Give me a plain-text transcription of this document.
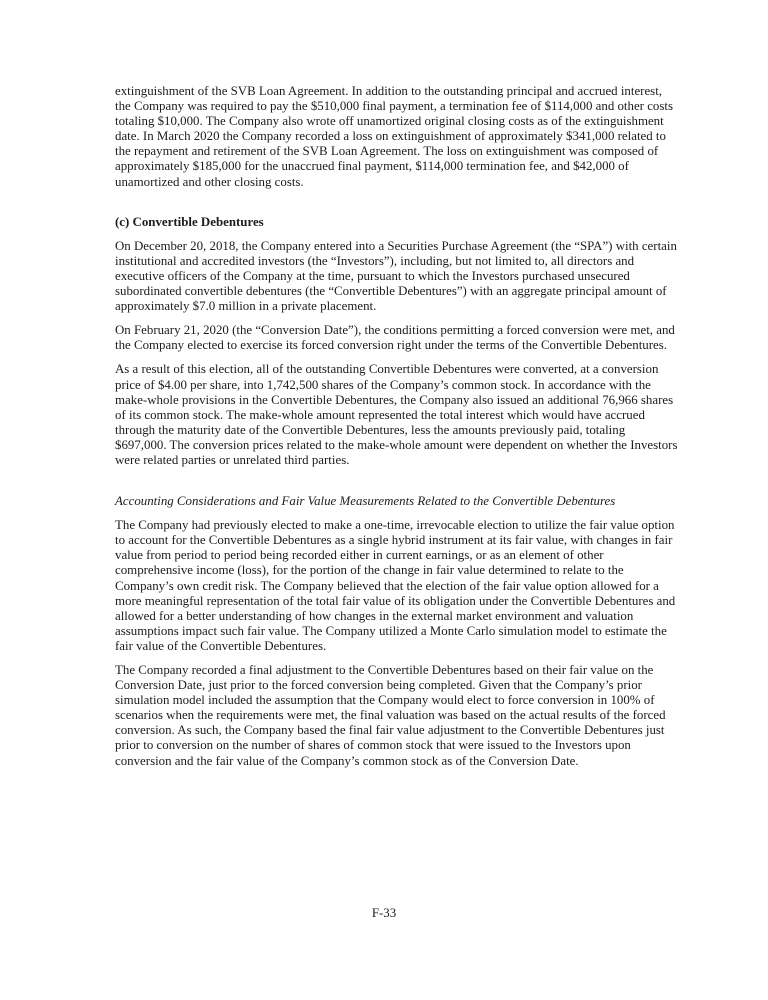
extinguishment of the SVB Loan Agreement. In addition to the outstanding principal and accrued interest, the Company was required to pay the $510,000 final payment, a termination fee of $114,000 and other costs totaling $10,000. The Company also wrote off unamortized original closing costs as of the extinguishment date. In March 2020 the Company recorded a loss on extinguishment of approximately $341,000 related to the repayment and retirement of the SVB Loan Agreement. The loss on extinguishment was composed of approximately $185,000 for the unaccrued final payment, $114,000 termination fee, and $42,000 of unamortized and other closing costs.

(c) Convertible Debentures

On December 20, 2018, the Company entered into a Securities Purchase Agreement (the “SPA”) with certain institutional and accredited investors (the “Investors”), including, but not limited to, all directors and executive officers of the Company at the time, pursuant to which the Investors purchased unsecured subordinated convertible debentures (the “Convertible Debentures”) with an aggregate principal amount of approximately $7.0 million in a private placement.

On February 21, 2020 (the “Conversion Date”), the conditions permitting a forced conversion were met, and the Company elected to exercise its forced conversion right under the terms of the Convertible Debentures.

As a result of this election, all of the outstanding Convertible Debentures were converted, at a conversion price of $4.00 per share, into 1,742,500 shares of the Company’s common stock. In accordance with the make-whole provisions in the Convertible Debentures, the Company also issued an additional 76,966 shares of its common stock. The make-whole amount represented the total interest which would have accrued through the maturity date of the Convertible Debentures, less the amounts previously paid, totaling $697,000. The conversion prices related to the make-whole amount were dependent on whether the Investors were related parties or unrelated third parties.

Accounting Considerations and Fair Value Measurements Related to the Convertible Debentures

The Company had previously elected to make a one-time, irrevocable election to utilize the fair value option to account for the Convertible Debentures as a single hybrid instrument at its fair value, with changes in fair value from period to period being recorded either in current earnings, or as an element of other comprehensive income (loss), for the portion of the change in fair value determined to relate to the Company’s own credit risk. The Company believed that the election of the fair value option allowed for a more meaningful representation of the total fair value of its obligation under the Convertible Debentures and allowed for a better understanding of how changes in the external market environment and valuation assumptions impact such fair value. The Company utilized a Monte Carlo simulation model to estimate the fair value of the Convertible Debentures.

The Company recorded a final adjustment to the Convertible Debentures based on their fair value on the Conversion Date, just prior to the forced conversion being completed. Given that the Company’s prior simulation model included the assumption that the Company would elect to force conversion in 100% of scenarios when the requirements were met, the final valuation was based on the actual results of the forced conversion. As such, the Company based the final fair value adjustment to the Convertible Debentures just prior to conversion on the number of shares of common stock that were issued to the Investors upon conversion and the fair value of the Company’s common stock as of the Conversion Date.

F-33
